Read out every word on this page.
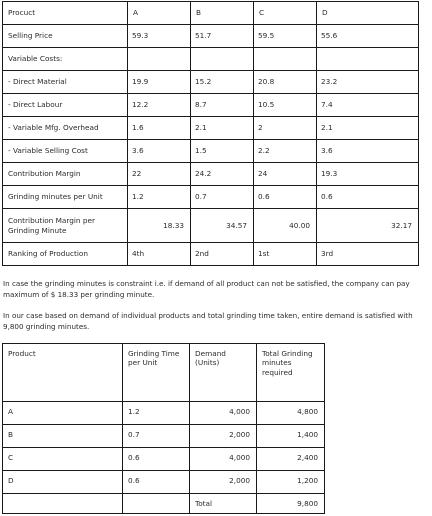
Procuct	A	B	C	D
Selling Price	59.3	51.7	59.5	55.6
Variable Costs:				
- Direct Material	19.9	15.2	20.8	23.2
- Direct Labour	12.2	8.7	10.5	7.4
- Variable Mfg. Overhead	1.6	2.1	2	2.1
- Variable Selling Cost	3.6	1.5	2.2	3.6
Contribution Margin	22	24.2	24	19.3
Grinding minutes per Unit	1.2	0.7	0.6	0.6
Contribution Margin per Grinding Minute	18.33	34.57	40.00	32.17
Ranking of Production	4th	2nd	1st	3rd

In case the grinding minutes is constraint i.e. if demand of all product can not be satisfied, the company can pay maximum of $ 18.33 per grinding minute.

In our case based on demand of individual products and total grinding time taken, entire demand is satisfied with 9,800 grinding minutes.

Product	Grinding Time per Unit	Demand (Units)	Total Grinding minutes required
A	1.2	4,000	4,800
B	0.7	2,000	1,400
C	0.6	4,000	2,400
D	0.6	2,000	1,200
		Total	9,800
